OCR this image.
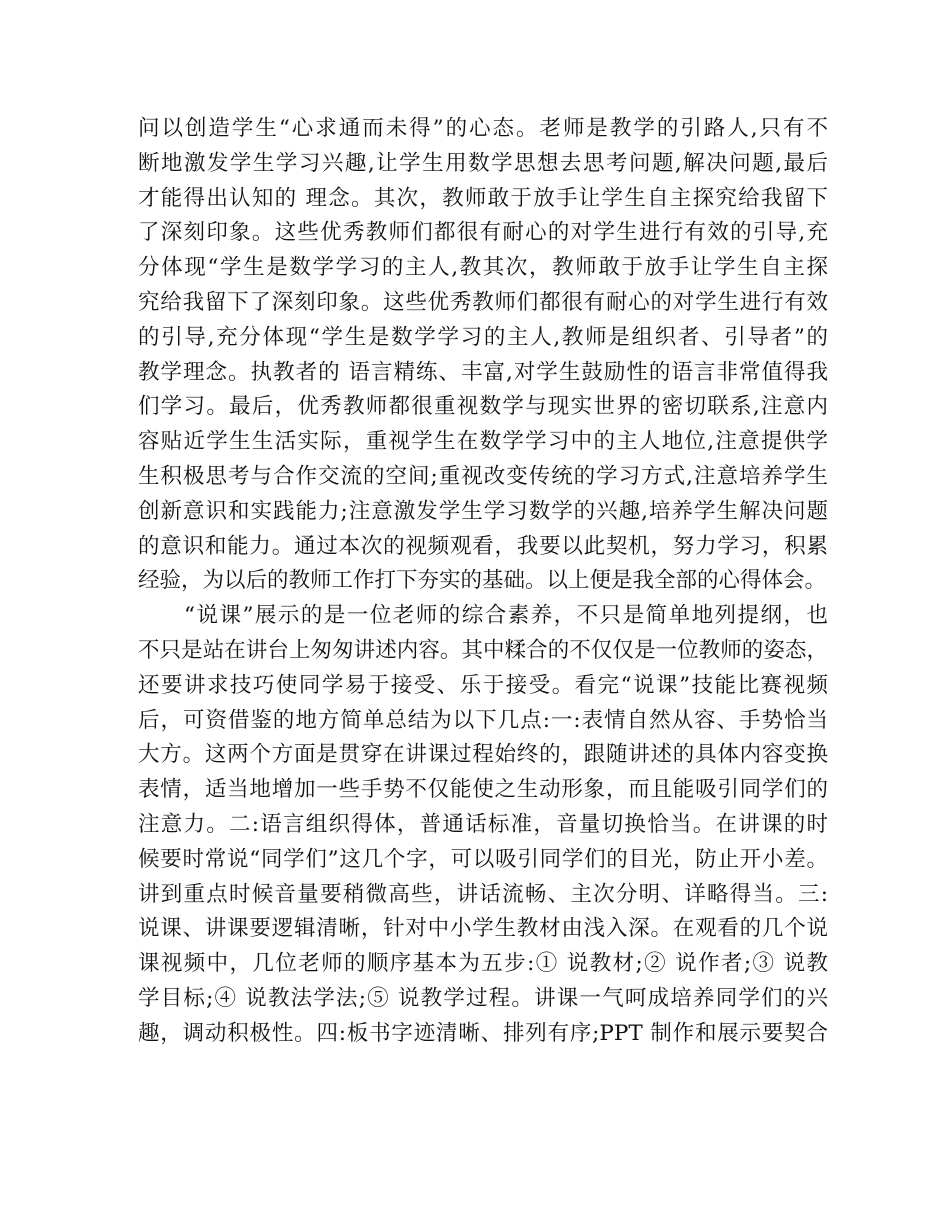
问以创造学生“心求通而未得”的心态。老师是教学的引路人,只有不
断地激发学生学习兴趣,让学生用数学思想去思考问题,解决问题,最后
才能得出认知的 理念。其次，教师敢于放手让学生自主探究给我留下
了深刻印象。这些优秀教师们都很有耐心的对学生进行有效的引导,充
分体现“学生是数学学习的主人,教其次，教师敢于放手让学生自主探
究给我留下了深刻印象。这些优秀教师们都很有耐心的对学生进行有效
的引导,充分体现“学生是数学学习的主人,教师是组织者、引导者”的
教学理念。执教者的 语言精练、丰富,对学生鼓励性的语言非常值得我
们学习。最后，优秀教师都很重视数学与现实世界的密切联系,注意内
容贴近学生生活实际，重视学生在数学学习中的主人地位,注意提供学
生积极思考与合作交流的空间;重视改变传统的学习方式,注意培养学生
创新意识和实践能力;注意激发学生学习数学的兴趣,培养学生解决问题
的意识和能力。通过本次的视频观看，我要以此契机，努力学习，积累
经验，为以后的教师工作打下夯实的基础。以上便是我全部的心得体会。
“说课”展示的是一位老师的综合素养，不只是简单地列提纲，也
不只是站在讲台上匆匆讲述内容。其中糅合的不仅仅是一位教师的姿态，
还要讲求技巧使同学易于接受、乐于接受。看完“说课”技能比赛视频
后，可资借鉴的地方简单总结为以下几点:一:表情自然从容、手势恰当
大方。这两个方面是贯穿在讲课过程始终的，跟随讲述的具体内容变换
表情，适当地增加一些手势不仅能使之生动形象，而且能吸引同学们的
注意力。二:语言组织得体，普通话标准，音量切换恰当。在讲课的时
候要时常说“同学们”这几个字，可以吸引同学们的目光，防止开小差。
讲到重点时候音量要稍微高些，讲话流畅、主次分明、详略得当。三:
说课、讲课要逻辑清晰，针对中小学生教材由浅入深。在观看的几个说
课视频中，几位老师的顺序基本为五步:① 说教材;② 说作者;③ 说教
学目标;④ 说教法学法;⑤ 说教学过程。讲课一气呵成培养同学们的兴
趣，调动积极性。四:板书字迹清晰、排列有序;PPT 制作和展示要契合
